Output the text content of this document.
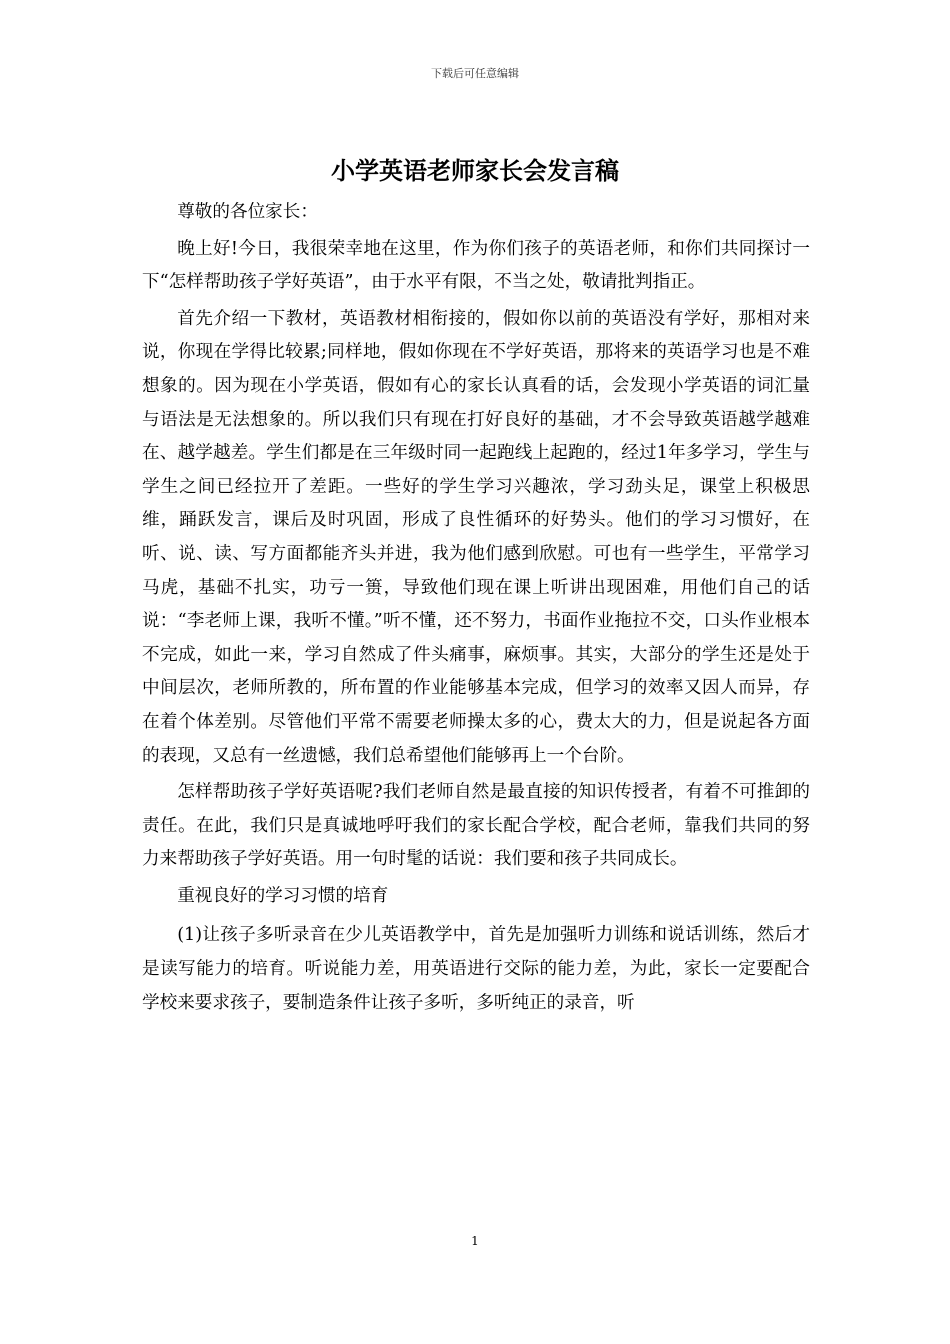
下载后可任意编辑
小学英语老师家长会发言稿

尊敬的各位家长：

晚上好!今日，我很荣幸地在这里，作为你们孩子的英语老师，和你们共同探讨一下“怎样帮助孩子学好英语”，由于水平有限，不当之处，敬请批判指正。

首先介绍一下教材，英语教材相衔接的，假如你以前的英语没有学好，那相对来说，你现在学得比较累;同样地，假如你现在不学好英语，那将来的英语学习也是不难想象的。因为现在小学英语，假如有心的家长认真看的话，会发现小学英语的词汇量与语法是无法想象的。所以我们只有现在打好良好的基础，才不会导致英语越学越难在、越学越差。学生们都是在三年级时同一起跑线上起跑的，经过1年多学习，学生与学生之间已经拉开了差距。一些好的学生学习兴趣浓，学习劲头足，课堂上积极思维，踊跃发言，课后及时巩固，形成了良性循环的好势头。他们的学习习惯好，在听、说、读、写方面都能齐头并进，我为他们感到欣慰。可也有一些学生，平常学习马虎，基础不扎实，功亏一篑，导致他们现在课上听讲出现困难，用他们自己的话说：“李老师上课，我听不懂。”听不懂，还不努力，书面作业拖拉不交，口头作业根本不完成，如此一来，学习自然成了件头痛事，麻烦事。其实，大部分的学生还是处于中间层次，老师所教的，所布置的作业能够基本完成，但学习的效率又因人而异，存在着个体差别。尽管他们平常不需要老师操太多的心，费太大的力，但是说起各方面的表现，又总有一丝遗憾，我们总希望他们能够再上一个台阶。

怎样帮助孩子学好英语呢?我们老师自然是最直接的知识传授者，有着不可推卸的责任。在此，我们只是真诚地呼吁我们的家长配合学校，配合老师，靠我们共同的努力来帮助孩子学好英语。用一句时髦的话说：我们要和孩子共同成长。

重视良好的学习习惯的培育

(1)让孩子多听录音在少儿英语教学中，首先是加强听力训练和说话训练，然后才是读写能力的培育。听说能力差，用英语进行交际的能力差，为此，家长一定要配合学校来要求孩子，要制造条件让孩子多听，多听纯正的录音，听

1
